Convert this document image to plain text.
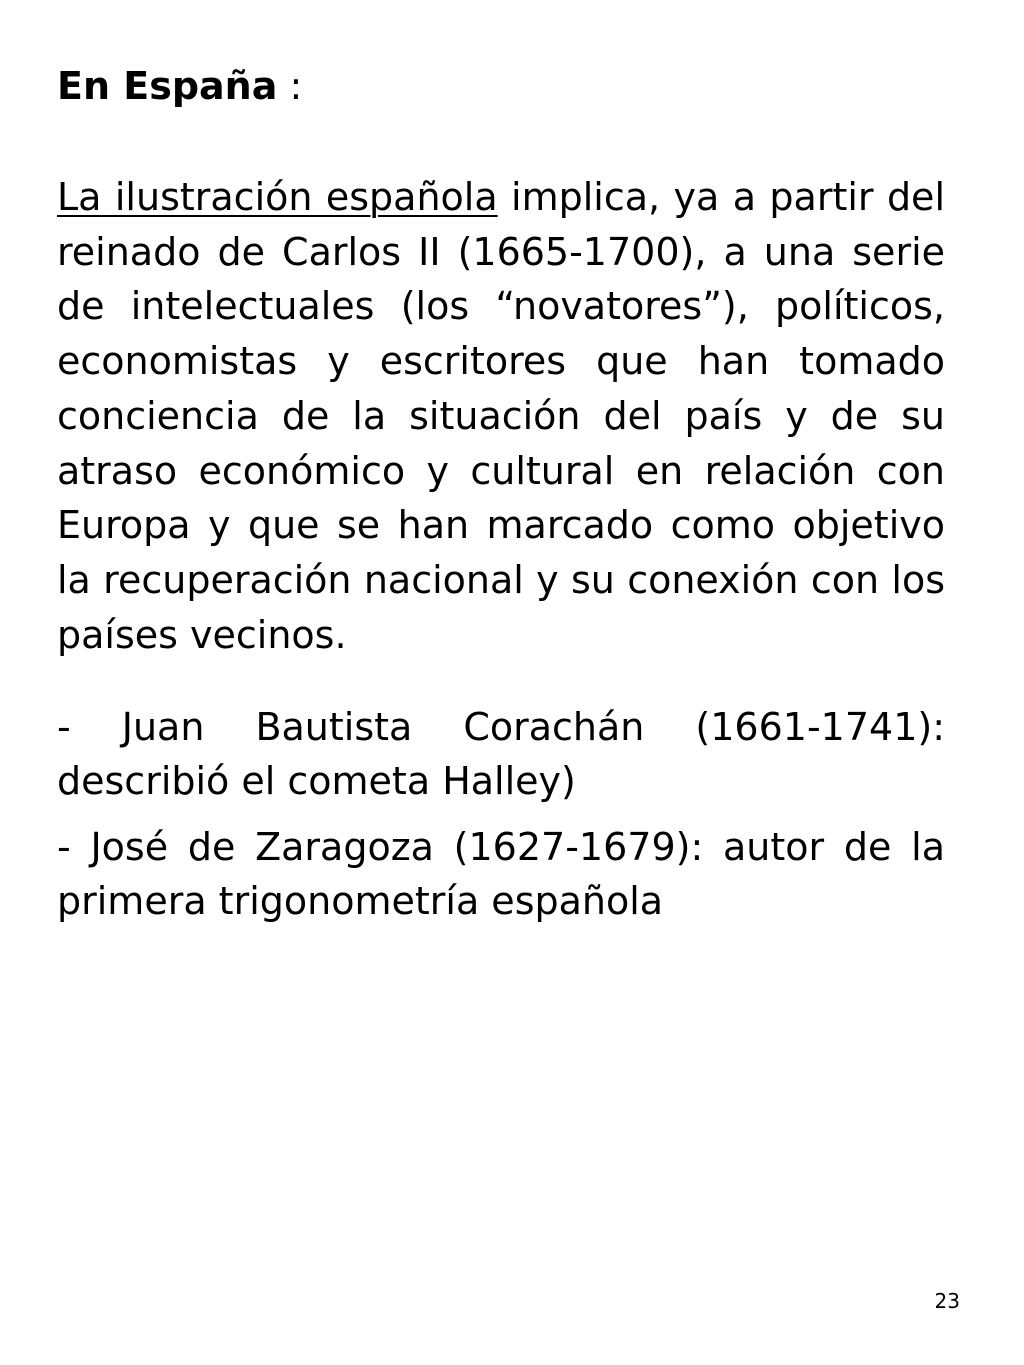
En España :

La ilustración española implica, ya a partir del reinado de Carlos II (1665-1700), a una serie de intelectuales (los “novatores”), políticos, economistas y escritores que han tomado conciencia de la situación del país y de su atraso económico y cultural en relación con Europa y que se han marcado como objetivo la recuperación nacional y su conexión con los países vecinos.

- Juan Bautista Corachán (1661-1741): describió el cometa Halley)

- José de Zaragoza (1627-1679): autor de la primera trigonometría española

23
